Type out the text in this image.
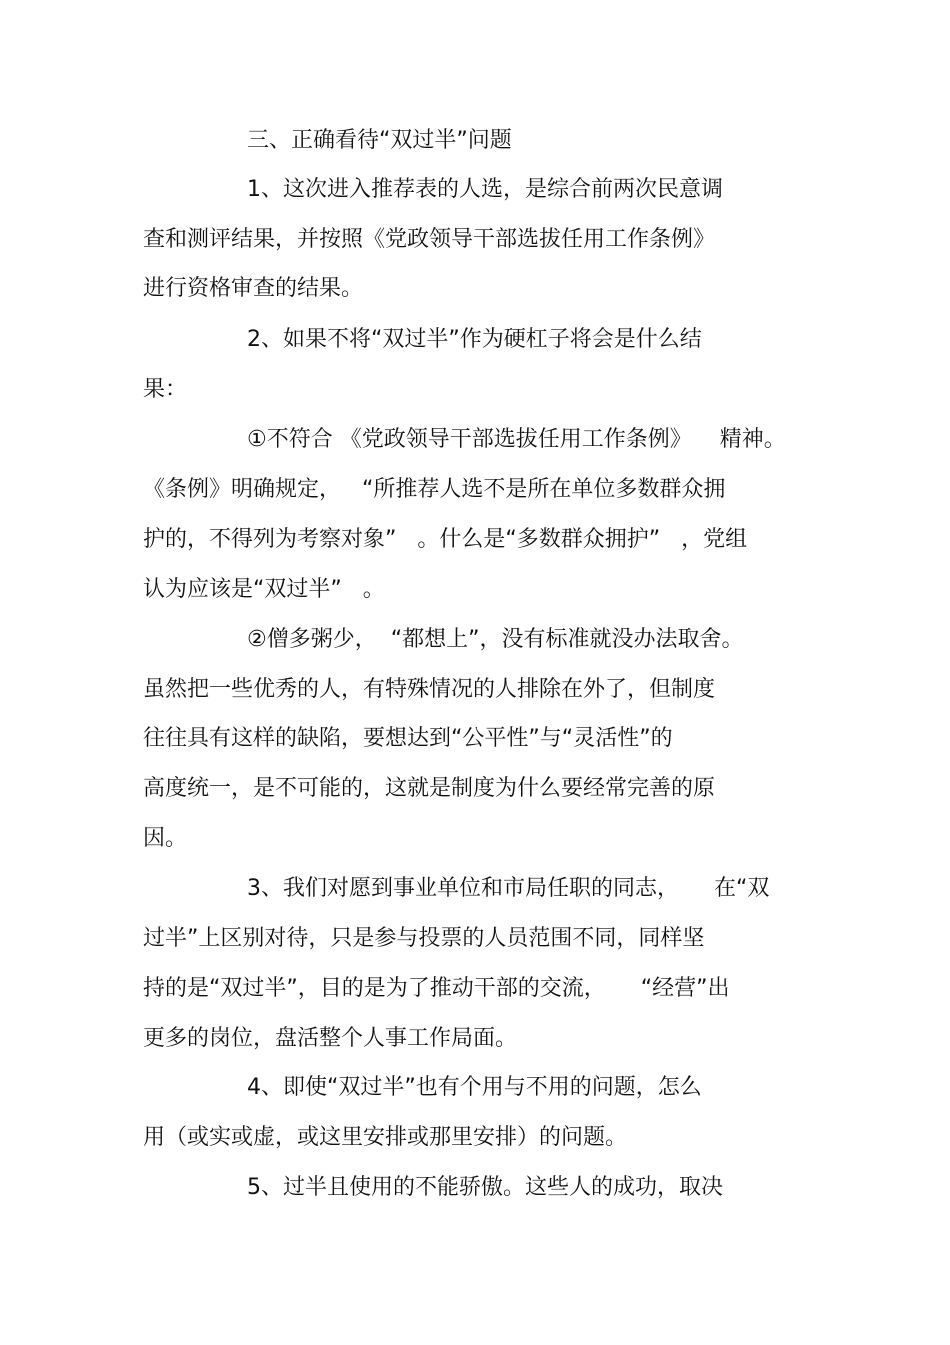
三、正确看待“双过半”问题
1、这次进入推荐表的人选，是综合前两次民意调
查和测评结果，并按照《党政领导干部选拔任用工作条例》
进行资格审查的结果。
2、如果不将“双过半”作为硬杠子将会是什么结
果：
①不符合 《党政领导干部选拔任用工作条例》    精神。
《条例》明确规定，   “所推荐人选不是所在单位多数群众拥
护的，不得列为考察对象”   。什么是“多数群众拥护”   ，党组
认为应该是“双过半”   。
②僧多粥少，  “都想上”，没有标准就没办法取舍。
虽然把一些优秀的人，有特殊情况的人排除在外了，但制度
往往具有这样的缺陷，要想达到“公平性”与“灵活性”的
高度统一，是不可能的，这就是制度为什么要经常完善的原
因。
3、我们对愿到事业单位和市局任职的同志，     在“双
过半”上区别对待，只是参与投票的人员范围不同，同样坚
持的是“双过半”，目的是为了推动干部的交流，     “经营”出
更多的岗位，盘活整个人事工作局面。
4、即使“双过半”也有个用与不用的问题，怎么
用（或实或虚，或这里安排或那里安排）的问题。
5、过半且使用的不能骄傲。这些人的成功，取决
